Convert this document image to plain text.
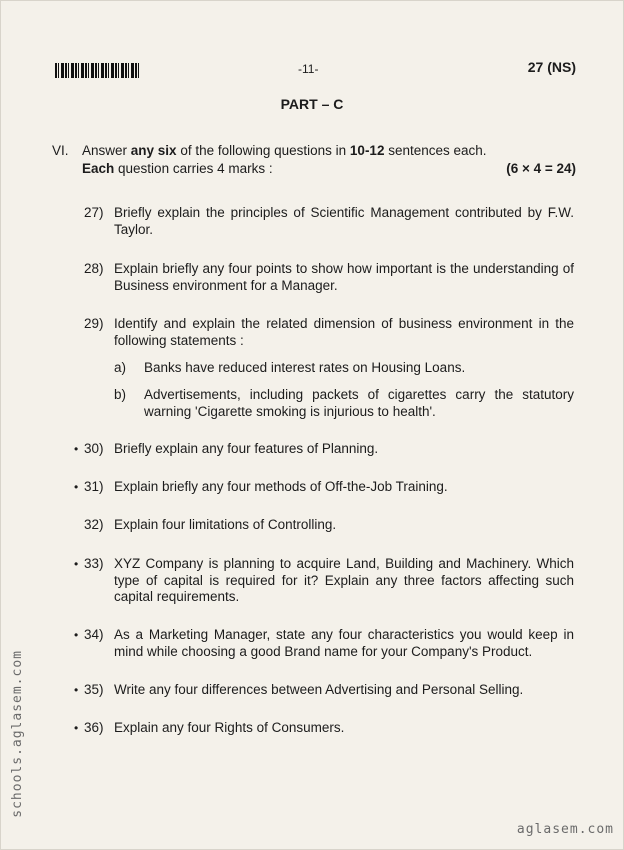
-11-	27 (NS)
PART – C
VI. Answer any six of the following questions in 10-12 sentences each.
Each question carries 4 marks :	(6 × 4 = 24)
27) Briefly explain the principles of Scientific Management contributed by F.W. Taylor.
28) Explain briefly any four points to show how important is the understanding of Business environment for a Manager.
29) Identify and explain the related dimension of business environment in the following statements :
a) Banks have reduced interest rates on Housing Loans.
b) Advertisements, including packets of cigarettes carry the statutory warning 'Cigarette smoking is injurious to health'.
• 30) Briefly explain any four features of Planning.
• 31) Explain briefly any four methods of Off-the-Job Training.
32) Explain four limitations of Controlling.
• 33) XYZ Company is planning to acquire Land, Building and Machinery. Which type of capital is required for it? Explain any three factors affecting such capital requirements.
• 34) As a Marketing Manager, state any four characteristics you would keep in mind while choosing a good Brand name for your Company's Product.
• 35) Write any four differences between Advertising and Personal Selling.
• 36) Explain any four Rights of Consumers.
schools.aglasem.com
aglasem.com
